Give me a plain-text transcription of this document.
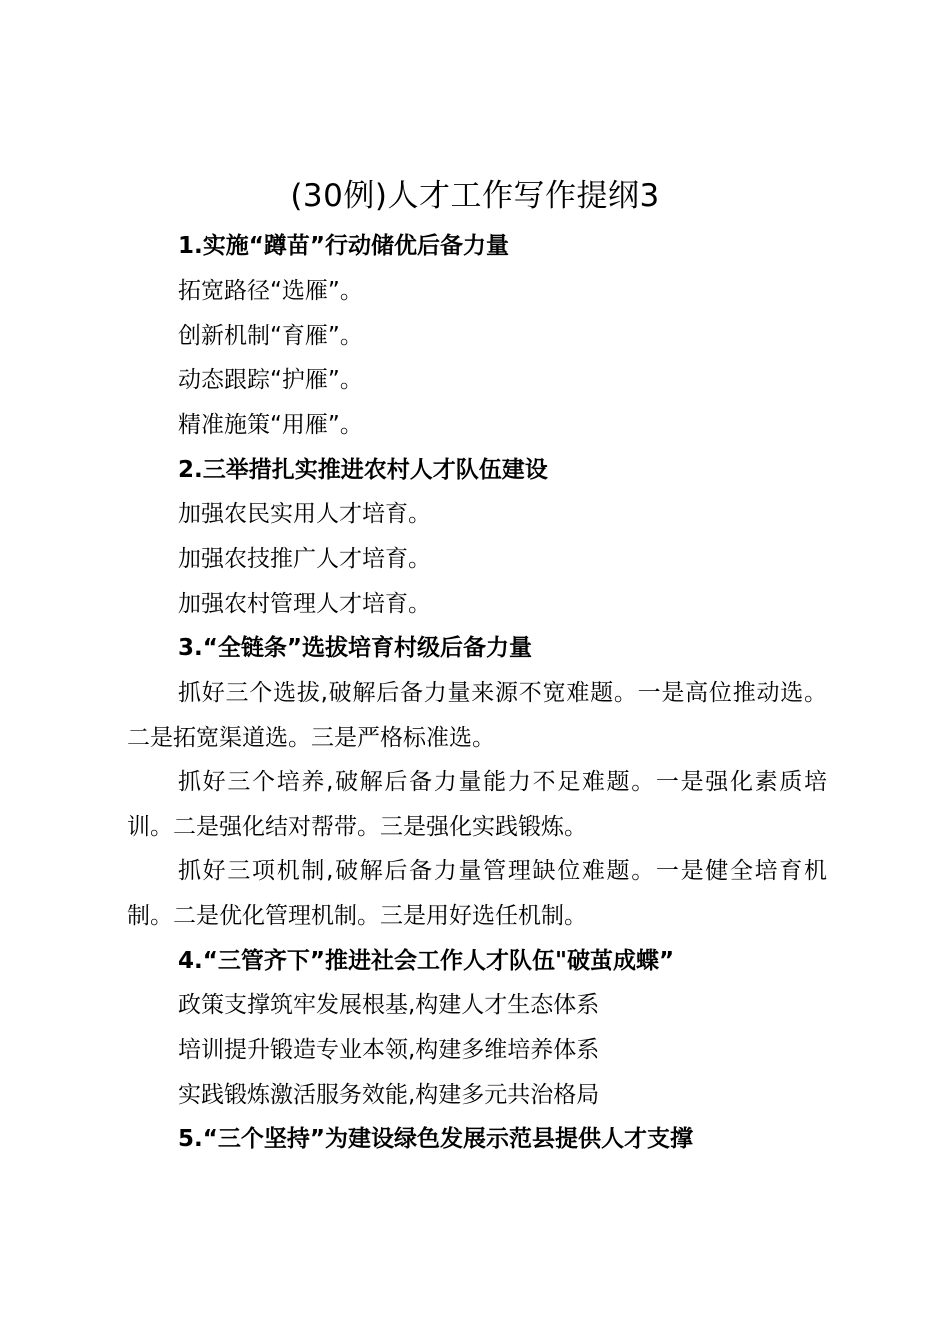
(30例)人才工作写作提纲3
1.实施“蹲苗”行动储优后备力量
拓宽路径“选雁”。
创新机制“育雁”。
动态跟踪“护雁”。
精准施策“用雁”。
2.三举措扎实推进农村人才队伍建设
加强农民实用人才培育。
加强农技推广人才培育。
加强农村管理人才培育。
3.“全链条”选拔培育村级后备力量

抓好三个选拔,破解后备力量来源不宽难题。一是高位推动选。二是拓宽渠道选。三是严格标准选。

抓好三个培养,破解后备力量能力不足难题。一是强化素质培训。二是强化结对帮带。三是强化实践锻炼。

抓好三项机制,破解后备力量管理缺位难题。一是健全培育机制。二是优化管理机制。三是用好选任机制。

4.“三管齐下”推进社会工作人才队伍"破茧成蝶”
政策支撑筑牢发展根基,构建人才生态体系
培训提升锻造专业本领,构建多维培养体系
实践锻炼激活服务效能,构建多元共治格局
5.“三个坚持”为建设绿色发展示范县提供人才支撑
